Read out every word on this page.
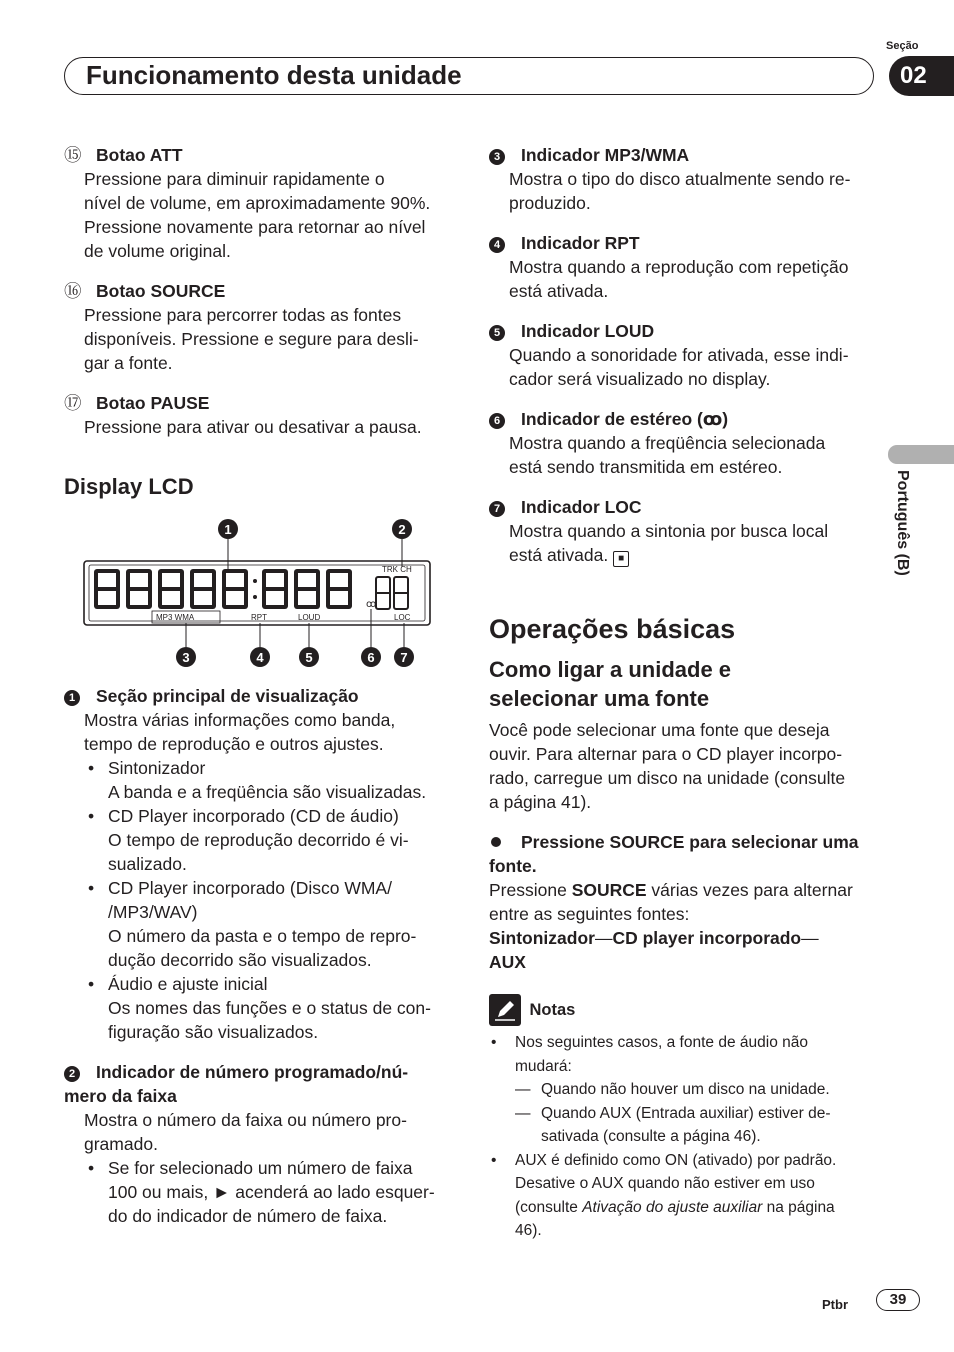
Funcionamento desta unidade
Seção
02
Português (B)
⑮ Botao ATT
Pressione para diminuir rapidamente o
nível de volume, em aproximadamente 90%.
Pressione novamente para retornar ao nível
de volume original.
⑯ Botao SOURCE
Pressione para percorrer todas as fontes
disponíveis. Pressione e segure para desli-
gar a fonte.
⑰ Botao PAUSE
Pressione para ativar ou desativar a pausa.
Display LCD
TRK CH
MP3 WMA	RPT	LOUD	LOC
ꝏ
1	2
3	4	5	6 7
1 Seção principal de visualização
Mostra várias informações como banda,
tempo de reprodução e outros ajustes.
• Sintonizador
A banda e a freqüência são visualizadas.
• CD Player incorporado (CD de áudio)
O tempo de reprodução decorrido é vi-
sualizado.
• CD Player incorporado (Disco WMA/
/MP3/WAV)
O número da pasta e o tempo de repro-
dução decorrido são visualizados.
• Áudio e ajuste inicial
Os nomes das funções e o status de con-
figuração são visualizados.
2 Indicador de número programado/nú-
mero da faixa
Mostra o número da faixa ou número pro-
gramado.
• Se for selecionado um número de faixa
100 ou mais, ► acenderá ao lado esquer-
do do indicador de número de faixa.
3 Indicador MP3/WMA
Mostra o tipo do disco atualmente sendo re-
produzido.
4 Indicador RPT
Mostra quando a reprodução com repetição
está ativada.
5 Indicador LOUD
Quando a sonoridade for ativada, esse indi-
cador será visualizado no display.
6 Indicador de estéreo (ꝏ)
Mostra quando a freqüência selecionada
está sendo transmitida em estéreo.
7 Indicador LOC
Mostra quando a sintonia por busca local
está ativada. ■
Operações básicas
Como ligar a unidade e
selecionar uma fonte
Você pode selecionar uma fonte que deseja
ouvir. Para alternar para o CD player incorpo-
rado, carregue um disco na unidade (consulte
a página 41).
Pressione SOURCE para selecionar uma
fonte.
Pressione SOURCE várias vezes para alternar
entre as seguintes fontes:
Sintonizador—CD player incorporado—
AUX
Notas
• Nos seguintes casos, a fonte de áudio não
mudará:
— Quando não houver um disco na unidade.
— Quando AUX (Entrada auxiliar) estiver de-
sativada (consulte a página 46).
• AUX é definido como ON (ativado) por padrão.
Desative o AUX quando não estiver em uso
(consulte Ativação do ajuste auxiliar na página
46).
Ptbr	39
